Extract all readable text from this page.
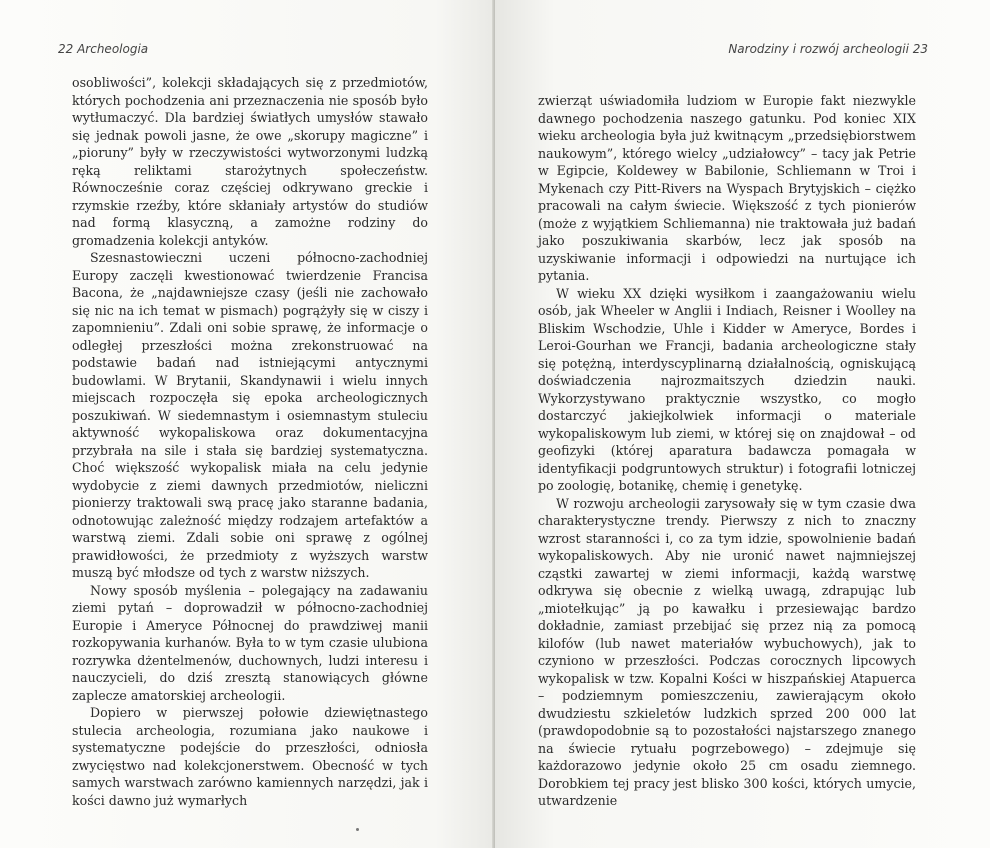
22 Archeologia

osobliwości”, kolekcji składających się z przedmiotów, których pochodzenia ani przeznaczenia nie sposób było wytłumaczyć. Dla bardziej światłych umysłów stawało się jednak powoli jasne, że owe „skorupy magiczne” i „pioruny” były w rzeczywistości wytworzonymi ludzką ręką reliktami starożytnych społeczeństw. Równocześnie coraz częściej odkrywano greckie i rzymskie rzeźby, które skłaniały artystów do studiów nad formą klasyczną, a zamożne rodziny do gromadzenia kolekcji antyków.

Szesnastowieczni uczeni północno-zachodniej Europy zaczęli kwestionować twierdzenie Francisa Bacona, że „najdawniejsze czasy (jeśli nie zachowało się nic na ich temat w pismach) pogrążyły się w ciszy i zapomnieniu”. Zdali oni sobie sprawę, że informacje o odległej przeszłości można zrekonstruować na podstawie badań nad istniejącymi antycznymi budowlami. W Brytanii, Skandynawii i wielu innych miejscach rozpoczęła się epoka archeologicznych poszukiwań. W siedemnastym i osiemnastym stuleciu aktywność wykopaliskowa oraz dokumentacyjna przybrała na sile i stała się bardziej systematyczna. Choć większość wykopalisk miała na celu jedynie wydobycie z ziemi dawnych przedmiotów, nieliczni pionierzy traktowali swą pracę jako staranne badania, odnotowując zależność między rodzajem artefaktów a warstwą ziemi. Zdali sobie oni sprawę z ogólnej prawidłowości, że przedmioty z wyższych warstw muszą być młodsze od tych z warstw niższych.

Nowy sposób myślenia – polegający na zadawaniu ziemi pytań – doprowadził w północno-zachodniej Europie i Ameryce Północnej do prawdziwej manii rozkopywania kurhanów. Była to w tym czasie ulubiona rozrywka dżentelmenów, duchownych, ludzi interesu i nauczycieli, do dziś zresztą stanowiących główne zaplecze amatorskiej archeologii.

Dopiero w pierwszej połowie dziewiętnastego stulecia archeologia, rozumiana jako naukowe i systematyczne podejście do przeszłości, odniosła zwycięstwo nad kolekcjonerstwem. Obecność w tych samych warstwach zarówno kamiennych narzędzi, jak i kości dawno już wymarłych

Narodziny i rozwój archeologii 23

zwierząt uświadomiła ludziom w Europie fakt niezwykle dawnego pochodzenia naszego gatunku. Pod koniec XIX wieku archeologia była już kwitnącym „przedsiębiorstwem naukowym”, którego wielcy „udziałowcy” – tacy jak Petrie w Egipcie, Koldewey w Babilonie, Schliemann w Troi i Mykenach czy Pitt-Rivers na Wyspach Brytyjskich – ciężko pracowali na całym świecie. Większość z tych pionierów (może z wyjątkiem Schliemanna) nie traktowała już badań jako poszukiwania skarbów, lecz jak sposób na uzyskiwanie informacji i odpowiedzi na nurtujące ich pytania.

W wieku XX dzięki wysiłkom i zaangażowaniu wielu osób, jak Wheeler w Anglii i Indiach, Reisner i Woolley na Bliskim Wschodzie, Uhle i Kidder w Ameryce, Bordes i Leroi-Gourhan we Francji, badania archeologiczne stały się potężną, interdyscyplinarną działalnością, ogniskującą doświadczenia najrozmaitszych dziedzin nauki. Wykorzystywano praktycznie wszystko, co mogło dostarczyć jakiejkolwiek informacji o materiale wykopaliskowym lub ziemi, w której się on znajdował – od geofizyki (której aparatura badawcza pomagała w identyfikacji podgruntowych struktur) i fotografii lotniczej po zoologię, botanikę, chemię i genetykę.

W rozwoju archeologii zarysowały się w tym czasie dwa charakterystyczne trendy. Pierwszy z nich to znaczny wzrost staranności i, co za tym idzie, spowolnienie badań wykopaliskowych. Aby nie uronić nawet najmniejszej cząstki zawartej w ziemi informacji, każdą warstwę odkrywa się obecnie z wielką uwagą, zdrapując lub „miotełkując” ją po kawałku i przesiewając bardzo dokładnie, zamiast przebijać się przez nią za pomocą kilofów (lub nawet materiałów wybuchowych), jak to czyniono w przeszłości. Podczas corocznych lipcowych wykopalisk w tzw. Kopalni Kości w hiszpańskiej Atapuerca – podziemnym pomieszczeniu, zawierającym około dwudziestu szkieletów ludzkich sprzed 200 000 lat (prawdopodobnie są to pozostałości najstarszego znanego na świecie rytuału pogrzebowego) – zdejmuje się każdorazowo jedynie około 25 cm osadu ziemnego. Dorobkiem tej pracy jest blisko 300 kości, których umycie, utwardzenie
